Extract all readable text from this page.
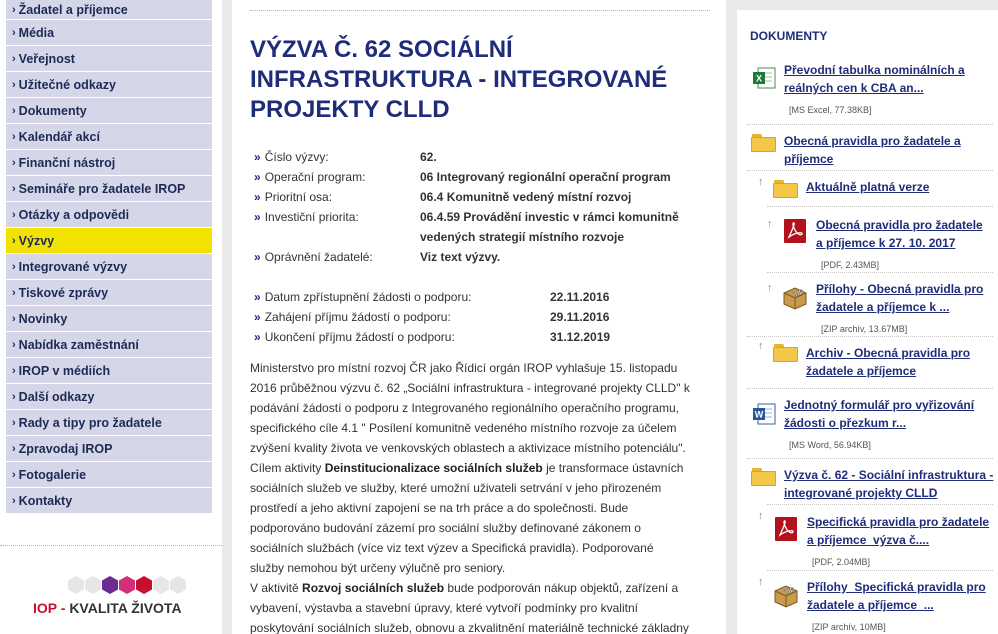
› Žadatel a příjemce
› Média
› Veřejnost
› Užitečné odkazy
› Dokumenty
› Kalendář akcí
› Finanční nástroj
› Semináře pro žadatele IROP
› Otázky a odpovědi
› Výzvy
› Integrované výzvy
› Tiskové zprávy
› Novinky
› Nabídka zaměstnání
› IROP v médiích
› Další odkazy
› Rady a tipy pro žadatele
› Zpravodaj IROP
› Fotogalerie
› Kontakty
IOP - KVALITA ŽIVOTA
VÝZVA Č. 62 SOCIÁLNÍ INFRASTRUKTURA - INTEGROVANÉ PROJEKTY CLLD
» Číslo výzvy:	62.
» Operační program:	06 Integrovaný regionální operační program
» Prioritní osa:	06.4 Komunitně vedený místní rozvoj
» Investiční priorita:	06.4.59 Provádění investic v rámci komunitně vedených strategií místního rozvoje
» Oprávnění žadatelé:	Viz text výzvy.
» Datum zpřístupnění žádosti o podporu:	22.11.2016
» Zahájení příjmu žádostí o podporu:	29.11.2016
» Ukončení příjmu žádostí o podporu:	31.12.2019

Ministerstvo pro místní rozvoj ČR jako Řídicí orgán IROP vyhlašuje 15. listopadu 2016 průběžnou výzvu č. 62 „Sociální infrastruktura - integrované projekty CLLD" k podávání žádostí o podporu z Integrovaného regionálního operačního programu, specifického cíle 4.1 " Posílení komunitně vedeného místního rozvoje za účelem zvýšení kvality života ve venkovských oblastech a aktivizace místního potenciálu".

Cílem aktivity Deinstitucionalizace sociálních služeb je transformace ústavních sociálních služeb ve služby, které umožní uživateli setrvání v jeho přirozeném prostředí a jeho aktivní zapojení se na trh práce a do společnosti. Bude podporováno budování zázemí pro sociální služby definované zákonem o sociálních službách (více viz text výzev a Specifická pravidla). Podporované služby nemohou být určeny výlučně pro seniory.

V aktivitě Rozvoj sociálních služeb bude podporován nákup objektů, zařízení a vybavení, výstavba a stavební úpravy, které vytvoří podmínky pro kvalitní poskytování sociálních služeb, obnovu a zkvalitnění materiálně technické základny

DOKUMENTY
X
Převodní tabulka nominálních a reálných cen k CBA an...
[MS Excel, 77.38KB]
Obecná pravidla pro žadatele a příjemce
↑	Aktuálně platná verze
↑	Obecná pravidla pro žadatele a příjemce k 27. 10. 2017
[PDF, 2.43MB]
↑	ZIP Přílohy - Obecná pravidla pro žadatele a příjemce k ...
[ZIP archív, 13.67MB]
↑	Archiv - Obecná pravidla pro žadatele a příjemce
W
Jednotný formulář pro vyřizování žádosti o přezkum r...
[MS Word, 56.94KB]
Výzva č. 62 - Sociální infrastruktura - integrované projekty CLLD
↑	Specifická pravidla pro žadatele a příjemce_výzva č....
[PDF, 2.04MB]
↑
ZIP Přílohy_Specifická pravidla pro žadatele a příjemce_...
[ZIP archív, 10MB]
